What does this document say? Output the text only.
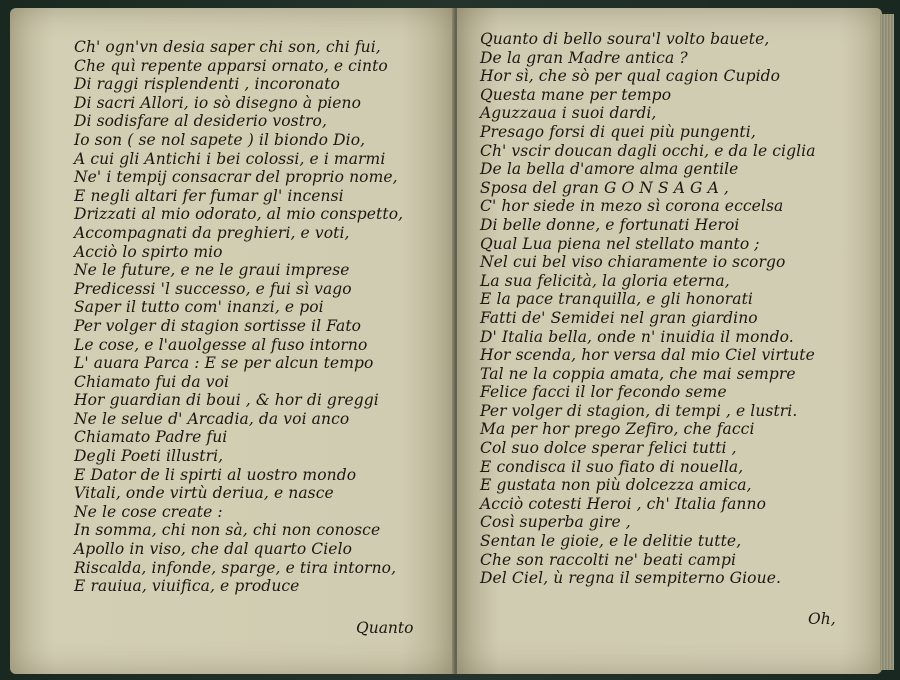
Ch' ogn'vn desia saper chi son, chi fui,
Che quì repente apparsi ornato, e cinto
Di raggi risplendenti , incoronato
Di sacri Allori, io sò disegno à pieno
Di sodisfare al desiderio vostro,
Io son ( se nol sapete ) il biondo Dio,
A cui gli Antichi i bei colossi, e i marmi
Ne' i tempij consacrar del proprio nome,
E negli altari fer fumar gl' incensi
Drizzati al mio odorato, al mio conspetto,
Accompagnati da preghieri, e voti,
Acciò lo spirto mio
Ne le future, e ne le graui imprese
Predicessi 'l successo, e fui sì vago
Saper il tutto com' inanzi, e poi
Per volger di stagion sortisse il Fato
Le cose, e l'auolgesse al fuso intorno
L' auara Parca : E se per alcun tempo
Chiamato fui da voi
Hor guardian di boui , & hor di greggi
Ne le selue d' Arcadia, da voi anco
Chiamato Padre fui
Degli Poeti illustri,
E Dator de li spirti al uostro mondo
Vitali, onde virtù deriua, e nasce
Ne le cose create :
In somma, chi non sà, chi non conosce
Apollo in viso, che dal quarto Cielo
Riscalda, infonde, sparge, e tira intorno,
E rauiua, viuifica, e produce
Quanto
Quanto di bello soura'l volto bauete,
De la gran Madre antica ?
Hor sì, che sò per qual cagion Cupido
Questa mane per tempo
Aguzzaua i suoi dardi,
Presago forsi di quei più pungenti,
Ch' vscir doucan dagli occhi, e da le ciglia
De la bella d'amore alma gentile
Sposa del gran G O N S A G A ,
C' hor siede in mezo sì corona eccelsa
Di belle donne, e fortunati Heroi
Qual Lua piena nel stellato manto ;
Nel cui bel viso chiaramente io scorgo
La sua felicità, la gloria eterna,
E la pace tranquilla, e gli honorati
Fatti de' Semidei nel gran giardino
D' Italia bella, onde n' inuidia il mondo.
Hor scenda, hor versa dal mio Ciel virtute
Tal ne la coppia amata, che mai sempre
Felice facci il lor fecondo seme
Per volger di stagion, di tempi , e lustri.
Ma per hor prego Zefiro, che facci
Col suo dolce sperar felici tutti ,
E condisca il suo fiato di nouella,
E gustata non più dolcezza amica,
Acciò cotesti Heroi , ch' Italia fanno
Così superba gire ,
Sentan le gioie, e le delitie tutte,
Che son raccolti ne' beati campi
Del Ciel, ù regna il sempiterno Gioue.
Oh,
